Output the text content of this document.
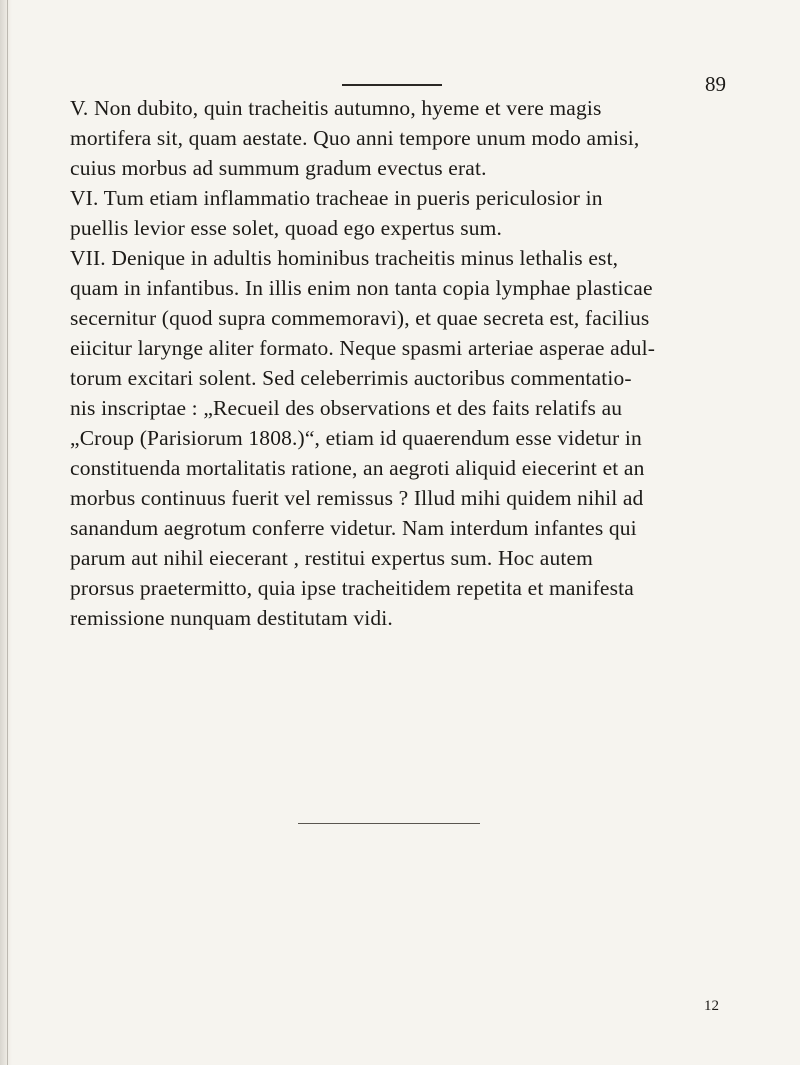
89
V. Non dubito, quin tracheitis autumno, hyeme et vere magis
mortifera sit, quam aestate. Quo anni tempore unum modo amisi,
cuius morbus ad summum gradum evectus erat.
VI. Tum etiam inflammatio tracheae in pueris periculosior in
puellis levior esse solet, quoad ego expertus sum.
VII. Denique in adultis hominibus tracheitis minus lethalis est,
quam in infantibus. In illis enim non tanta copia lymphae plasticae
secernitur (quod supra commemoravi), et quae secreta est, facilius
eiicitur larynge aliter formato. Neque spasmi arteriae asperae adul-
torum excitari solent. Sed celeberrimis auctoribus commentatio-
nis inscriptae : „Recueil des observations et des faits relatifs au
„Croup (Parisiorum 1808.)“, etiam id quaerendum esse videtur in
constituenda mortalitatis ratione, an aegroti aliquid eiecerint et an
morbus continuus fuerit vel remissus ? Illud mihi quidem nihil ad
sanandum aegrotum conferre videtur. Nam interdum infantes qui
parum aut nihil eiecerant , restitui expertus sum. Hoc autem
prorsus praetermitto, quia ipse tracheitidem repetita et manifesta
remissione nunquam destitutam vidi.
12
